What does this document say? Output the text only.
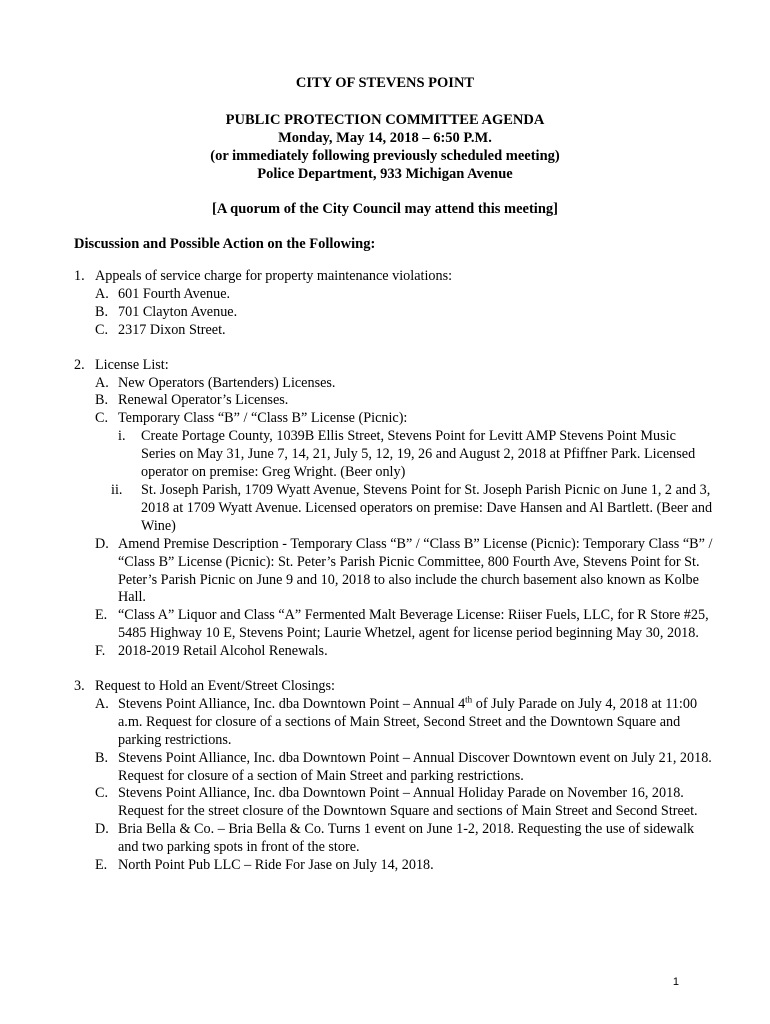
CITY OF STEVENS POINT
PUBLIC PROTECTION COMMITTEE AGENDA
Monday, May 14, 2018 – 6:50 P.M.
(or immediately following previously scheduled meeting)
Police Department, 933 Michigan Avenue
[A quorum of the City Council may attend this meeting]
Discussion and Possible Action on the Following:
1. Appeals of service charge for property maintenance violations:
A. 601 Fourth Avenue.
B. 701 Clayton Avenue.
C. 2317 Dixon Street.
2. License List:
A. New Operators (Bartenders) Licenses.
B. Renewal Operator’s Licenses.
C. Temporary Class “B” / “Class B” License (Picnic):
i.	Create Portage County, 1039B Ellis Street, Stevens Point for Levitt AMP Stevens Point Music Series on May 31, June 7, 14, 21, July 5, 12, 19, 26 and August 2, 2018 at Pfiffner Park. Licensed operator on premise: Greg Wright. (Beer only)
ii.	St. Joseph Parish, 1709 Wyatt Avenue, Stevens Point for St. Joseph Parish Picnic on June 1, 2 and 3, 2018 at 1709 Wyatt Avenue. Licensed operators on premise: Dave Hansen and Al Bartlett. (Beer and Wine)
D. Amend Premise Description - Temporary Class “B” / “Class B” License (Picnic): Temporary Class “B” / “Class B” License (Picnic): St. Peter’s Parish Picnic Committee, 800 Fourth Ave, Stevens Point for St. Peter’s Parish Picnic on June 9 and 10, 2018 to also include the church basement also known as Kolbe Hall.
E. “Class A” Liquor and Class “A” Fermented Malt Beverage License: Riiser Fuels, LLC, for R Store #25, 5485 Highway 10 E, Stevens Point; Laurie Whetzel, agent for license period beginning May 30, 2018.
F. 2018-2019 Retail Alcohol Renewals.
3. Request to Hold an Event/Street Closings:
A. Stevens Point Alliance, Inc. dba Downtown Point – Annual 4th of July Parade on July 4, 2018 at 11:00 a.m. Request for closure of a sections of Main Street, Second Street and the Downtown Square and parking restrictions.
B. Stevens Point Alliance, Inc. dba Downtown Point – Annual Discover Downtown event on July 21, 2018. Request for closure of a section of Main Street and parking restrictions.
C. Stevens Point Alliance, Inc. dba Downtown Point – Annual Holiday Parade on November 16, 2018. Request for the street closure of the Downtown Square and sections of Main Street and Second Street.
D. Bria Bella & Co. – Bria Bella & Co. Turns 1 event on June 1-2, 2018. Requesting the use of sidewalk and two parking spots in front of the store.
E. North Point Pub LLC – Ride For Jase on July 14, 2018.
1
